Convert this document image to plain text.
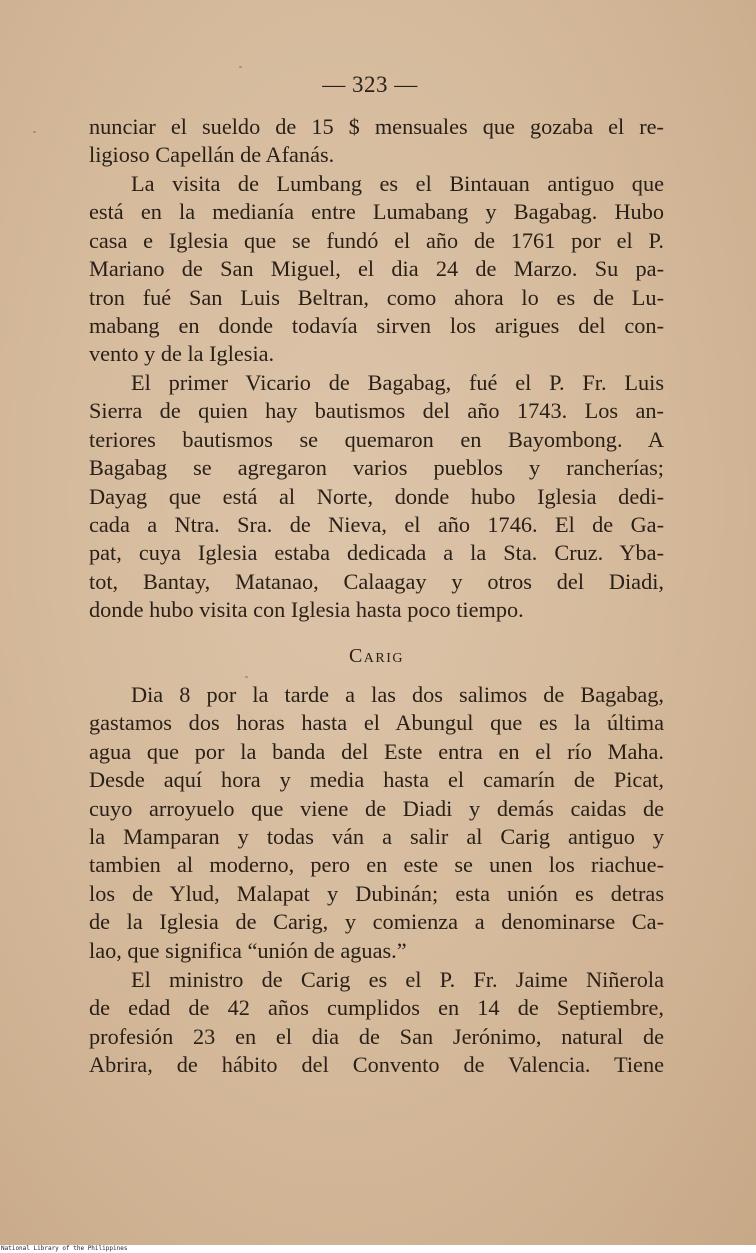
— 323 —
nunciar el sueldo de 15 $ mensuales que gozaba el re-
ligioso Capellán de Afanás.
La visita de Lumbang es el Bintauan antiguo que
está en la medianía entre Lumabang y Bagabag. Hubo
casa e Iglesia que se fundó el año de 1761 por el P.
Mariano de San Miguel, el dia 24 de Marzo. Su pa-
tron fué San Luis Beltran, como ahora lo es de Lu-
mabang en donde todavía sirven los arigues del con-
vento y de la Iglesia.
El primer Vicario de Bagabag, fué el P. Fr. Luis
Sierra de quien hay bautismos del año 1743. Los an-
teriores bautismos se quemaron en Bayombong. A
Bagabag se agregaron varios pueblos y rancherías;
Dayag que está al Norte, donde hubo Iglesia dedi-
cada a Ntra. Sra. de Nieva, el año 1746. El de Ga-
pat, cuya Iglesia estaba dedicada a la Sta. Cruz. Yba-
tot, Bantay, Matanao, Calaagay y otros del Diadi,
donde hubo visita con Iglesia hasta poco tiempo.
Carig
Dia 8 por la tarde a las dos salimos de Bagabag,
gastamos dos horas hasta el Abungul que es la última
agua que por la banda del Este entra en el río Maha.
Desde aquí hora y media hasta el camarín de Picat,
cuyo arroyuelo que viene de Diadi y demás caidas de
la Mamparan y todas ván a salir al Carig antiguo y
tambien al moderno, pero en este se unen los riachue-
los de Ylud, Malapat y Dubinán; esta unión es detras
de la Iglesia de Carig, y comienza a denominarse Ca-
lao, que significa “unión de aguas.”
El ministro de Carig es el P. Fr. Jaime Niñerola
de edad de 42 años cumplidos en 14 de Septiembre,
profesión 23 en el dia de San Jerónimo, natural de
Abrira, de hábito del Convento de Valencia. Tiene
National Library of the Philippines
